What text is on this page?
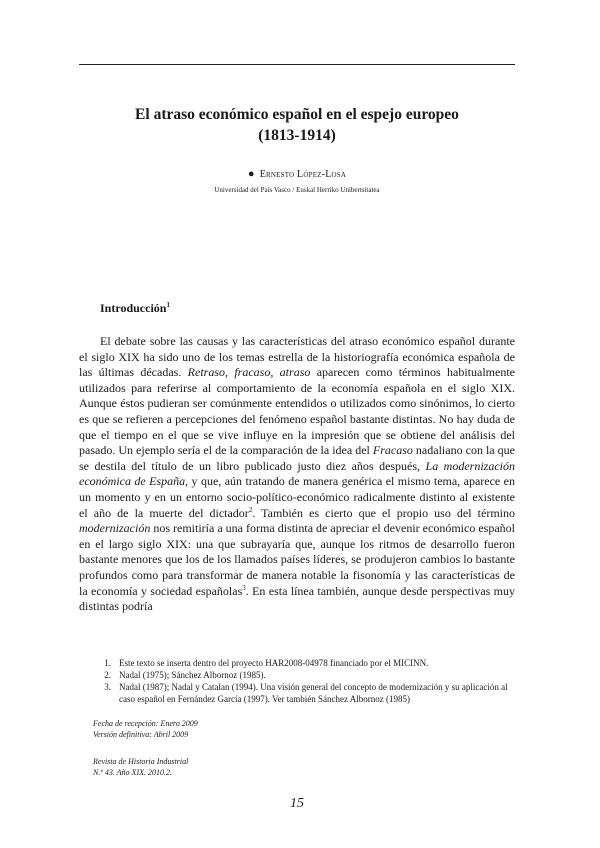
El atraso económico español en el espejo europeo
(1813-1914)
● Ernesto López-Losa
Universidad del País Vasco / Euskal Herriko Unibertsitatea
Introducción$^1$

El debate sobre las causas y las características del atraso económico español durante el siglo XIX ha sido uno de los temas estrella de la historiografía económica española de las últimas décadas. Retraso, fracaso, atraso aparecen como términos habitualmente utilizados para referirse al comportamiento de la economía española en el siglo XIX. Aunque éstos pudieran ser comúnmente entendidos o utilizados como sinónimos, lo cierto es que se refieren a percepciones del fenómeno español bastante distintas. No hay duda de que el tiempo en el que se vive influye en la impresión que se obtiene del análisis del pasado. Un ejemplo sería el de la comparación de la idea del Fracaso nadaliano con la que se destila del título de un libro publicado justo diez años después, La modernización económica de España, y que, aún tratando de manera genérica el mismo tema, aparece en un momento y en un entorno socio-político-económico radicalmente distinto al existente el año de la muerte del dictador$^2$. También es cierto que el propio uso del término modernización nos remitiría a una forma distinta de apreciar el devenir económico español en el largo siglo XIX: una que subrayaría que, aunque los ritmos de desarrollo fueron bastante menores que los de los llamados países líderes, se produjeron cambios lo bastante profundos como para transformar de manera notable la fisonomía y las características de la economía y sociedad españolas$^3$. En esta línea también, aunque desde perspectivas muy distintas podría

1. Este texto se inserta dentro del proyecto HAR2008-04978 financiado por el MICINN.
2. Nadal (1975); Sánchez Albornoz (1985).
3. Nadal (1987); Nadal y Catalan (1994). Una visión general del concepto de modernización y su aplicación al caso español en Fernández García (1997). Ver también Sánchez Albornoz (1985)
Fecha de recepción: Enero 2009
Versión definitiva: Abril 2009
Revista de Historia Industrial
N.º 43. Año XIX. 2010.2.
15
